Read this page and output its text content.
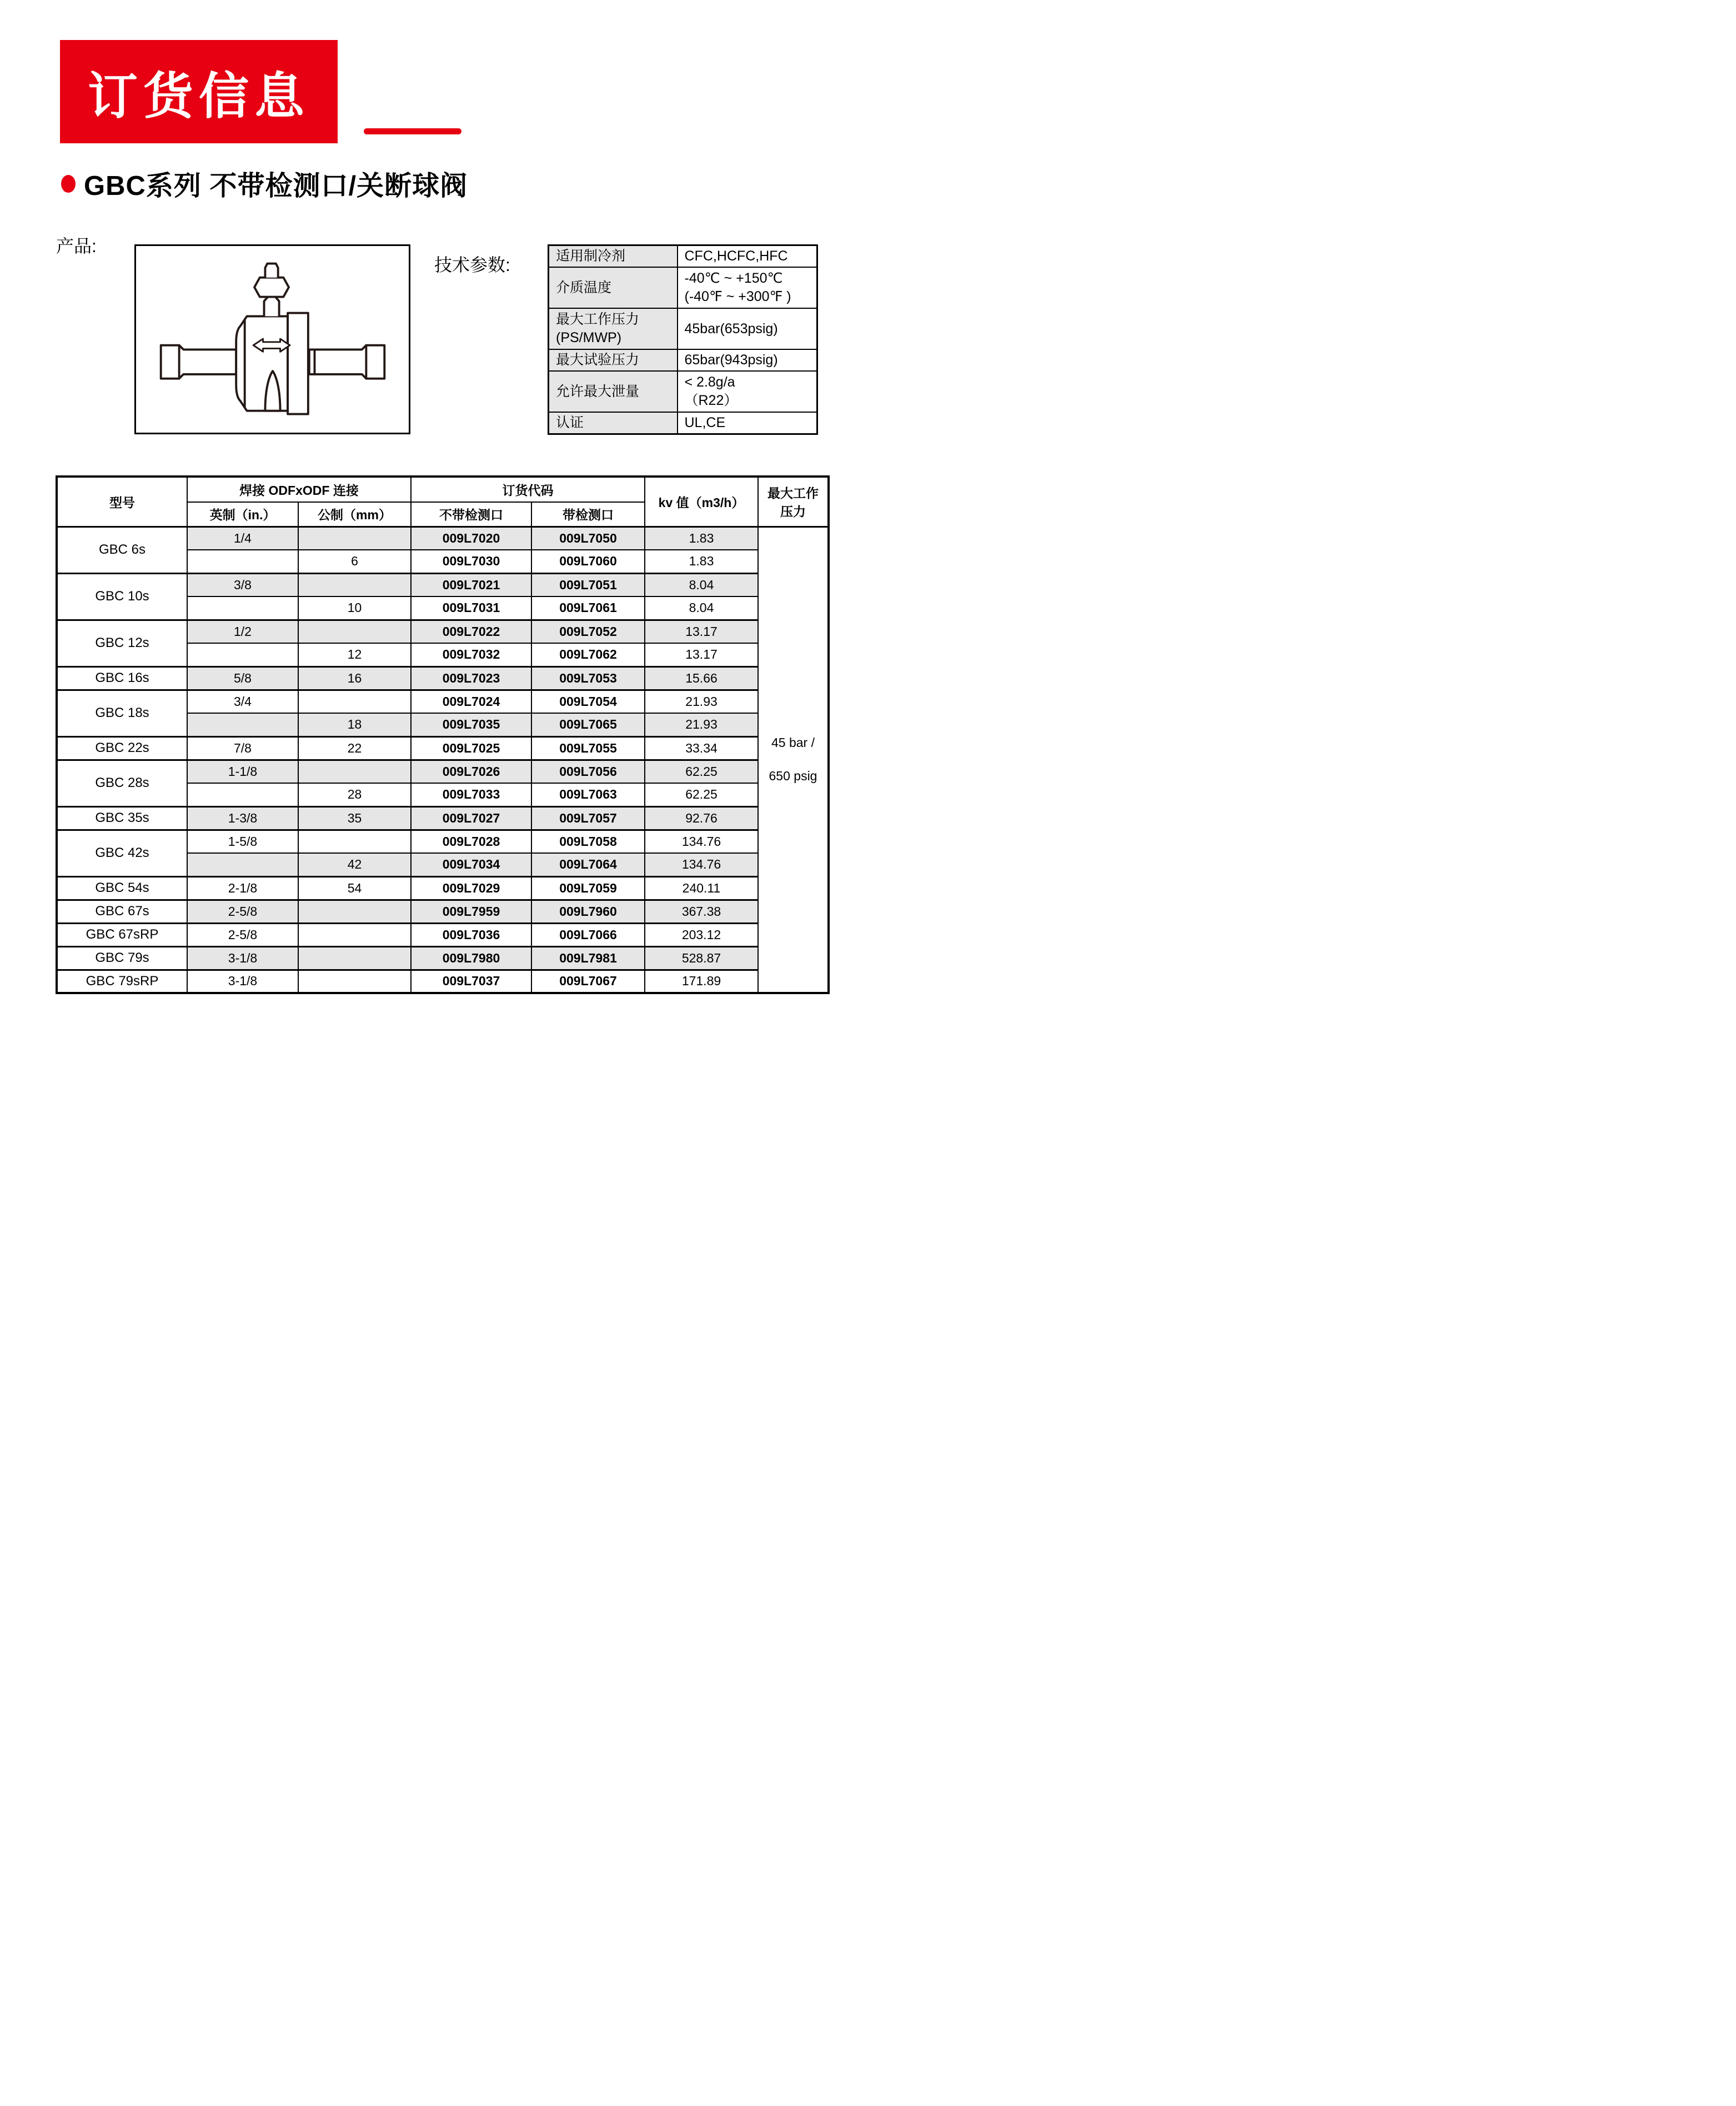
订货信息
GBC系列 不带检测口/关断球阀
产品:
技术参数:	适用制冷剂	CFC,HCFC,HFC
介质温度	-40℃ ~ +150℃
(-40℉ ~ +300℉ )

最大工作压力
(PS/MWP)	45bar(653psig)
最大试验压力	65bar(943psig)
允许最大泄量	< 2.8g/a
（R22）

认证	UL,CE
型号	焊接 ODFxODF 连接		订货代码		kv 值（m3/h）	最大工作
压力

	英制（in.）	公制（mm）	不带检测口	带检测口		
GBC 6s	1/4		009L7020	009L7050	1.83	45 bar /
650 psig

		6	009L7030	009L7060	1.83	
GBC 10s	3/8		009L7021	009L7051	8.04	
		10	009L7031	009L7061	8.04	
GBC 12s	1/2		009L7022	009L7052	13.17	
		12	009L7032	009L7062	13.17	
GBC 16s	5/8	16	009L7023	009L7053	15.66	
GBC 18s	3/4		009L7024	009L7054	21.93	
		18	009L7035	009L7065	21.93	
GBC 22s	7/8	22	009L7025	009L7055	33.34	
GBC 28s	1-1/8		009L7026	009L7056	62.25	
		28	009L7033	009L7063	62.25	
GBC 35s	1-3/8	35	009L7027	009L7057	92.76	
GBC 42s	1-5/8		009L7028	009L7058	134.76	
		42	009L7034	009L7064	134.76	
GBC 54s	2-1/8	54	009L7029	009L7059	240.11	
GBC 67s	2-5/8		009L7959	009L7960	367.38	
GBC 67sRP	2-5/8		009L7036	009L7066	203.12	
GBC 79s	3-1/8		009L7980	009L7981	528.87	
GBC 79sRP	3-1/8		009L7037	009L7067	171.89	
